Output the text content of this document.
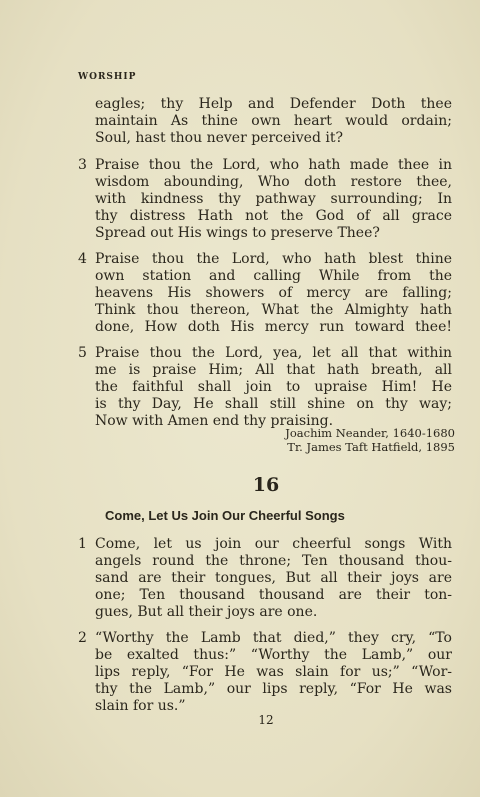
WORSHIP
eagles; thy Help and Defender Doth thee
maintain As thine own heart would ordain;
Soul, hast thou never perceived it?
3 Praise thou the Lord, who hath made thee in
wisdom abounding, Who doth restore thee,
with kindness thy pathway surrounding; In
thy distress Hath not the God of all grace
Spread out His wings to preserve Thee?
4 Praise thou the Lord, who hath blest thine
own station and calling While from the
heavens His showers of mercy are falling;
Think thou thereon, What the Almighty hath
done, How doth His mercy run toward thee!
5 Praise thou the Lord, yea, let all that within
me is praise Him; All that hath breath, all
the faithful shall join to upraise Him! He
is thy Day, He shall still shine on thy way;
Now with Amen end thy praising.
Joachim Neander, 1640-1680
Tr. James Taft Hatfield, 1895
16
Come, Let Us Join Our Cheerful Songs
1 Come, let us join our cheerful songs With
angels round the throne; Ten thousand thou-
sand are their tongues, But all their joys are
one; Ten thousand thousand are their ton-
gues, But all their joys are one.
2 “Worthy the Lamb that died,” they cry, “To
be exalted thus:” “Worthy the Lamb,” our
lips reply, “For He was slain for us;” “Wor-
thy the Lamb,” our lips reply, “For He was
slain for us.”
12
